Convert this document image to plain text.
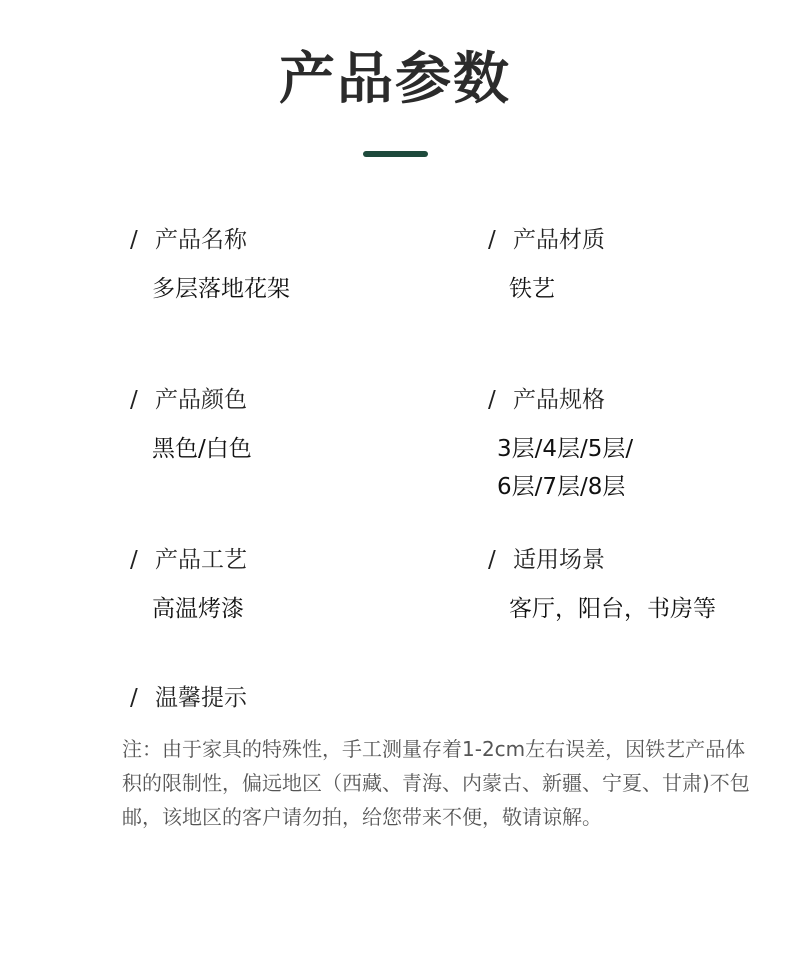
产品参数
/ 产品名称
多层落地花架
/ 产品材质
铁艺
/ 产品颜色
黑色/白色
/ 产品规格
3层/4层/5层/
6层/7层/8层
/ 产品工艺
高温烤漆
/ 适用场景
客厅，阳台，书房等
/ 温馨提示
注：由于家具的特殊性，手工测量存着1-2cm左右误差，因铁艺产品体积的限制性，偏远地区（西藏、青海、内蒙古、新疆、宁夏、甘肃)不包邮，该地区的客户请勿拍，给您带来不便，敬请谅解。
